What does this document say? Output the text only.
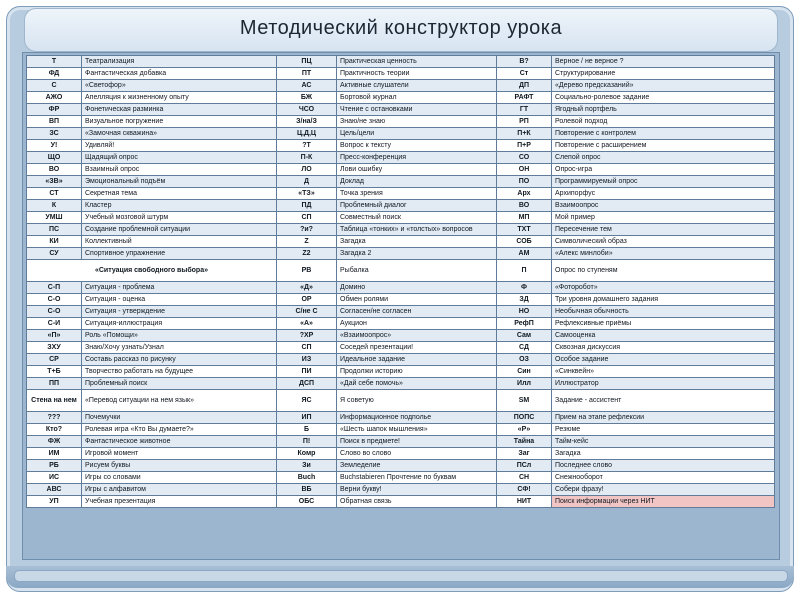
Методический конструктор урока
Т	Театрализация	ПЦ	Практическая ценность	В?	Верное / не верное ?
ФД	Фантастическая добавка	ПТ	Практичность теории	Ст	Структурирование
С	«Светофор»	АС	Активные слушатели	ДП	«Дерево предсказаний»
АЖО	Апелляция к жизненному опыту	БЖ	Бортовой журнал	РАФТ	Социально-ролевое задание
ФР	Фонетическая разминка	ЧСО	Чтение с остановками	ГТ	Ягодный портфель
ВП	Визуальное погружение	З/на/З	Знаю/не знаю	РП	Ролевой подход
ЗС	«Замочная скважина»	Ц,Д,Ц	Цель/цели	П+К	Повторение с контролем
У!	Удивляй!	?Т	Вопрос к тексту	П+Р	Повторение с расширением
ЩО	Щадящий опрос	П-К	Пресс-конференция	СО	Слепой опрос
ВО	Взаимный опрос	ЛО	Лови ошибку	ОН	Опрос-игра
«ЗВ»	Эмоциональный подъём	Д	Доклад	ПО	Программируемый опрос
СТ	Секретная тема	«ТЗ»	Точка зрения	Арх	Архипорфус
К	Кластер	ПД	Проблемный диалог	ВО	Взаимоопрос
УМШ	Учебный мозговой штурм	СП	Совместный поиск	МП	Мой пример
ПС	Создание проблемной ситуации	?и?	Таблица «тонких» и «толстых» вопросов	ТХТ	Пересечение тем
КИ	Коллективный	Z	Загадка	СОБ	Символический образ
СУ	Спортивное упражнение	Z2	Загадка 2	АМ	«Алекс минлоби»
«Ситуация свободного выбора»		РВ	Рыбалка	П	Опрос по ступеням
С-П	Ситуация - проблема	«Д»	Домино	Ф	«Фоторобот»
С-О	Ситуация - оценка	ОР	Обмен ролями	ЗД	Три уровня домашнего задания
С-О	Ситуация - утверждение	С/не С	Согласен/не согласен	НО	Необычная обычность
С-И	Ситуация-иллюстрация	«А»	Аукцион	РефП	Рефлексивные приёмы
«П»	Роль «Помощи»	?ХР	«Взаимоопрос»	Сам	Самооценка
ЗХУ	Знаю/Хочу узнать/Узнал	СП	Соседей презентации!	СД	Сквозная дискуссия
СР	Составь рассказ по рисунку	ИЗ	Идеальное задание	ОЗ	Особое задание
Т+Б	Творчество работать на будущее	ПИ	Продолжи историю	Син	«Синквейн»
ПП	Проблемный поиск	ДСП	«Дай себе помочь»	Илл	Иллюстратор
Стена на нем	«Перевод ситуации на нем язык»	ЯС	Я советую	SM	Задание - ассистент
???	Почемучки	ИП	Информационное подполье	ПОПС	Прием на этапе рефлексии
Кто?	Ролевая игра «Кто Вы думаете?»	Б	«Шесть шапок мышления»	«Р»	Резюме
ФЖ	Фантастическое животное	П!	Поиск в предмете!	Тайна	Тайм-кейс
ИМ	Игровой момент	Комр	Слово во слово	Заг	Загадка
РБ	Рисуем буквы	Зи	Земледелие	ПСл	Последнее слово
ИС	Игры со словами	Buch	Buchstabieren Прочтение по буквам	СН	Снежнооборот
АВС	Игры с алфавитом	ВБ	Верни букву!	СФ!	Собери фразу!
УП	Учебная презентация	ОБС	Обратная связь	НИТ	Поиск информации через НИТ
